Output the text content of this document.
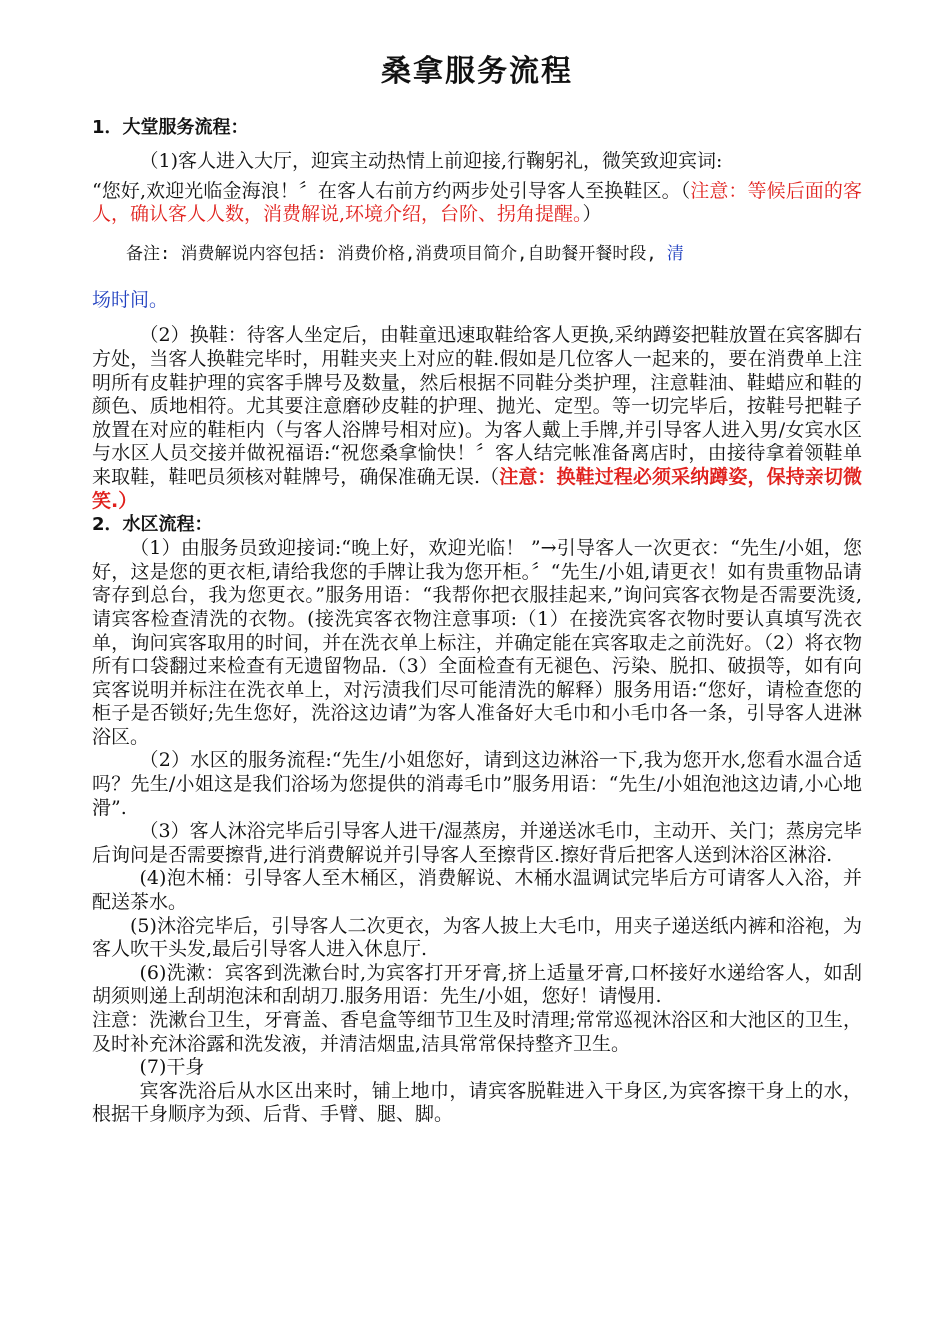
桑拿服务流程

1．大堂服务流程：

（1)客人进入大厅，迎宾主动热情上前迎接,行鞠躬礼，微笑致迎宾词:

“您好,欢迎光临金海浪！〞在客人右前方约两步处引导客人至换鞋区。（注意：等候后面的客人，确认客人人数，消费解说,环境介绍，台阶、拐角提醒。）

备注: 消费解说内容包括: 消费价格,消费项目简介,自助餐开餐时段, 清

场时间。

（2）换鞋：待客人坐定后，由鞋童迅速取鞋给客人更换,采纳蹲姿把鞋放置在宾客脚右方处，当客人换鞋完毕时，用鞋夹夹上对应的鞋.假如是几位客人一起来的，要在消费单上注明所有皮鞋护理的宾客手牌号及数量，然后根据不同鞋分类护理，注意鞋油、鞋蜡应和鞋的颜色、质地相符。尤其要注意磨砂皮鞋的护理、抛光、定型。等一切完毕后，按鞋号把鞋子放置在对应的鞋柜内（与客人浴牌号相对应)。为客人戴上手牌,并引导客人进入男/女宾水区与水区人员交接并做祝福语:“祝您桑拿愉快！〞客人结完帐准备离店时，由接待拿着领鞋单来取鞋，鞋吧员须核对鞋牌号，确保准确无误.（注意：换鞋过程必须采纳蹲姿，保持亲切微笑.）

2．水区流程：

（1）由服务员致迎接词:“晚上好，欢迎光临！ ”→引导客人一次更衣：“先生/小姐，您好，这是您的更衣柜,请给我您的手牌让我为您开柜。〞“先生/小姐,请更衣！如有贵重物品请寄存到总台，我为您更衣。”服务用语：“我帮你把衣服挂起来,”询问宾客衣物是否需要洗烫,请宾客检查清洗的衣物。(接洗宾客衣物注意事项:（1）在接洗宾客衣物时要认真填写洗衣单，询问宾客取用的时间，并在洗衣单上标注，并确定能在宾客取走之前洗好。（2）将衣物所有口袋翻过来检查有无遗留物品.（3）全面检查有无褪色、污染、脱扣、破损等，如有向宾客说明并标注在洗衣单上，对污渍我们尽可能清洗的解释）服务用语:“您好，请检查您的柜子是否锁好;先生您好，洗浴这边请”为客人准备好大毛巾和小毛巾各一条，引导客人进淋浴区。

（2）水区的服务流程:“先生/小姐您好，请到这边淋浴一下,我为您开水,您看水温合适吗？先生/小姐这是我们浴场为您提供的消毒毛巾”服务用语：“先生/小姐泡池这边请,小心地滑”.

（3）客人沐浴完毕后引导客人进干/湿蒸房，并递送冰毛巾，主动开、关门；蒸房完毕后询问是否需要擦背,进行消费解说并引导客人至擦背区.擦好背后把客人送到沐浴区淋浴.

(4)泡木桶：引导客人至木桶区，消费解说、木桶水温调试完毕后方可请客人入浴，并配送茶水。

(5)沐浴完毕后，引导客人二次更衣，为客人披上大毛巾，用夹子递送纸内裤和浴袍，为客人吹干头发,最后引导客人进入休息厅.

(6)洗漱：宾客到洗漱台时,为宾客打开牙膏,挤上适量牙膏,口杯接好水递给客人，如刮胡须则递上刮胡泡沫和刮胡刀.服务用语：先生/小姐，您好！请慢用.

注意：洗漱台卫生，牙膏盖、香皂盒等细节卫生及时清理;常常巡视沐浴区和大池区的卫生，及时补充沐浴露和洗发液，并清洁烟盅,洁具常常保持整齐卫生。

(7)干身

宾客洗浴后从水区出来时，铺上地巾，请宾客脱鞋进入干身区,为宾客擦干身上的水，根据干身顺序为颈、后背、手臂、腿、脚。
